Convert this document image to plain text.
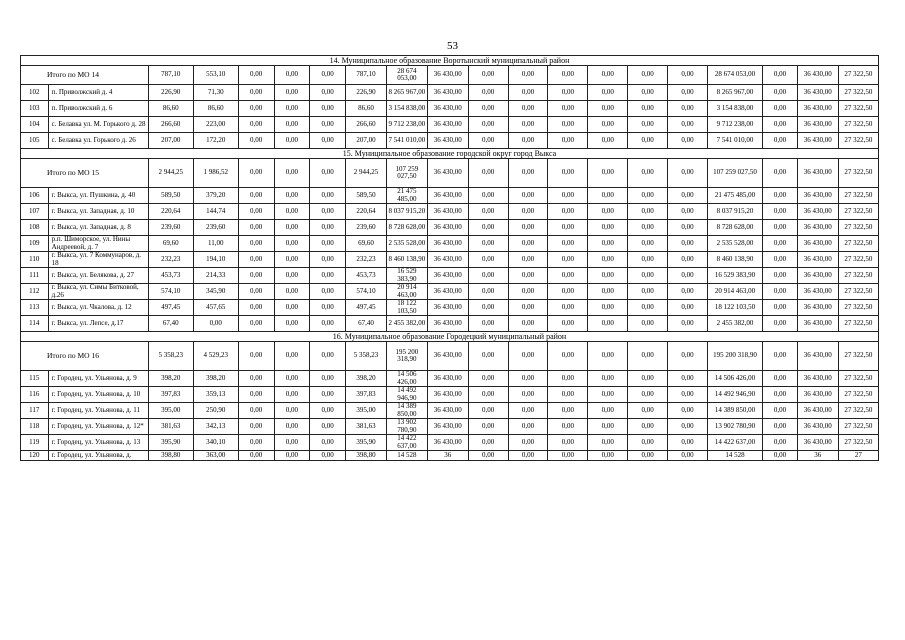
53
14. Муниципальное образование Воротынский муниципальный район																			
Итого по МО 14		787,10	553,10	0,00	0,00	0,00	787,10	28 674 053,00	36 430,00	0,00	0,00	0,00	0,00	0,00	0,00	28 674 053,00	0,00	36 430,00	27 322,50
102	п. Приволжский д. 4	226,90	71,30	0,00	0,00	0,00	226,90	8 265 967,00	36 430,00	0,00	0,00	0,00	0,00	0,00	0,00	8 265 967,00	0,00	36 430,00	27 322,50
103	п. Приволжский д. 6	86,60	86,60	0,00	0,00	0,00	86,60	3 154 838,00	36 430,00	0,00	0,00	0,00	0,00	0,00	0,00	3 154 838,00	0,00	36 430,00	27 322,50
104	с. Белавка ул. М. Горького д. 28	266,60	223,00	0,00	0,00	0,00	266,60	9 712 238,00	36 430,00	0,00	0,00	0,00	0,00	0,00	0,00	9 712 238,00	0,00	36 430,00	27 322,50
105	с. Белавка ул. Горького д. 26	207,00	172,20	0,00	0,00	0,00	207,00	7 541 010,00	36 430,00	0,00	0,00	0,00	0,00	0,00	0,00	7 541 010,00	0,00	36 430,00	27 322,50
15. Муниципальное образование городской округ город Выкса																			
Итого по МО 15		2 944,25	1 986,52	0,00	0,00	0,00	2 944,25	107 259 027,50	36 430,00	0,00	0,00	0,00	0,00	0,00	0,00	107 259 027,50	0,00	36 430,00	27 322,50
106	г. Выкса, ул. Пушкина, д. 40	589,50	379,20	0,00	0,00	0,00	589,50	21 475 485,00	36 430,00	0,00	0,00	0,00	0,00	0,00	0,00	21 475 485,00	0,00	36 430,00	27 322,50
107	г. Выкса, ул. Западная, д. 10	220,64	144,74	0,00	0,00	0,00	220,64	8 037 915,20	36 430,00	0,00	0,00	0,00	0,00	0,00	0,00	8 037 915,20	0,00	36 430,00	27 322,50
108	г. Выкса, ул. Западная, д. 8	239,60	239,60	0,00	0,00	0,00	239,60	8 728 628,00	36 430,00	0,00	0,00	0,00	0,00	0,00	0,00	8 728 628,00	0,00	36 430,00	27 322,50
109	р.п. Шиморское, ул. Нины Андреевой, д. 7	69,60	11,00	0,00	0,00	0,00	69,60	2 535 528,00	36 430,00	0,00	0,00	0,00	0,00	0,00	0,00	2 535 528,00	0,00	36 430,00	27 322,50
110	г. Выкса, ул. 7 Коммунаров, д. 18	232,23	194,10	0,00	0,00	0,00	232,23	8 460 138,90	36 430,00	0,00	0,00	0,00	0,00	0,00	0,00	8 460 138,90	0,00	36 430,00	27 322,50
111	г. Выкса, ул. Белякова, д. 27	453,73	214,33	0,00	0,00	0,00	453,73	16 529 383,90	36 430,00	0,00	0,00	0,00	0,00	0,00	0,00	16 529 383,90	0,00	36 430,00	27 322,50
112	г. Выкса, ул. Симы Битковой, д.26	574,10	345,90	0,00	0,00	0,00	574,10	20 914 463,00	36 430,00	0,00	0,00	0,00	0,00	0,00	0,00	20 914 463,00	0,00	36 430,00	27 322,50
113	г. Выкса, ул. Чкалова, д. 12	497,45	457,65	0,00	0,00	0,00	497,45	18 122 103,50	36 430,00	0,00	0,00	0,00	0,00	0,00	0,00	18 122 103,50	0,00	36 430,00	27 322,50
114	г. Выкса, ул. Лепсе, д.17	67,40	0,00	0,00	0,00	0,00	67,40	2 455 382,00	36 430,00	0,00	0,00	0,00	0,00	0,00	0,00	2 455 382,00	0,00	36 430,00	27 322,50
16. Муниципальное образование Городецкий муниципальный район																			
Итого по МО 16		5 358,23	4 529,23	0,00	0,00	0,00	5 358,23	195 200 318,90	36 430,00	0,00	0,00	0,00	0,00	0,00	0,00	195 200 318,90	0,00	36 430,00	27 322,50
115	г. Городец, ул. Ульянова, д. 9	398,20	398,20	0,00	0,00	0,00	398,20	14 506 426,00	36 430,00	0,00	0,00	0,00	0,00	0,00	0,00	14 506 426,00	0,00	36 430,00	27 322,50
116	г. Городец, ул. Ульянова, д. 10	397,83	359,13	0,00	0,00	0,00	397,83	14 492 946,90	36 430,00	0,00	0,00	0,00	0,00	0,00	0,00	14 492 946,90	0,00	36 430,00	27 322,50
117	г. Городец, ул. Ульянова, д. 11	395,00	250,90	0,00	0,00	0,00	395,00	14 389 850,00	36 430,00	0,00	0,00	0,00	0,00	0,00	0,00	14 389 850,00	0,00	36 430,00	27 322,50
118	г. Городец, ул. Ульянова, д. 12*	381,63	342,13	0,00	0,00	0,00	381,63	13 902 780,90	36 430,00	0,00	0,00	0,00	0,00	0,00	0,00	13 902 780,90	0,00	36 430,00	27 322,50
119	г. Городец, ул. Ульянова, д. 13	395,90	340,10	0,00	0,00	0,00	395,90	14 422 637,00	36 430,00	0,00	0,00	0,00	0,00	0,00	0,00	14 422 637,00	0,00	36 430,00	27 322,50
120	г. Городец, ул. Ульянова, д.	398,80	363,00	0,00	0,00	0,00	398,80	14 528	36	0,00	0,00	0,00	0,00	0,00	0,00	14 528	0,00	36	27
